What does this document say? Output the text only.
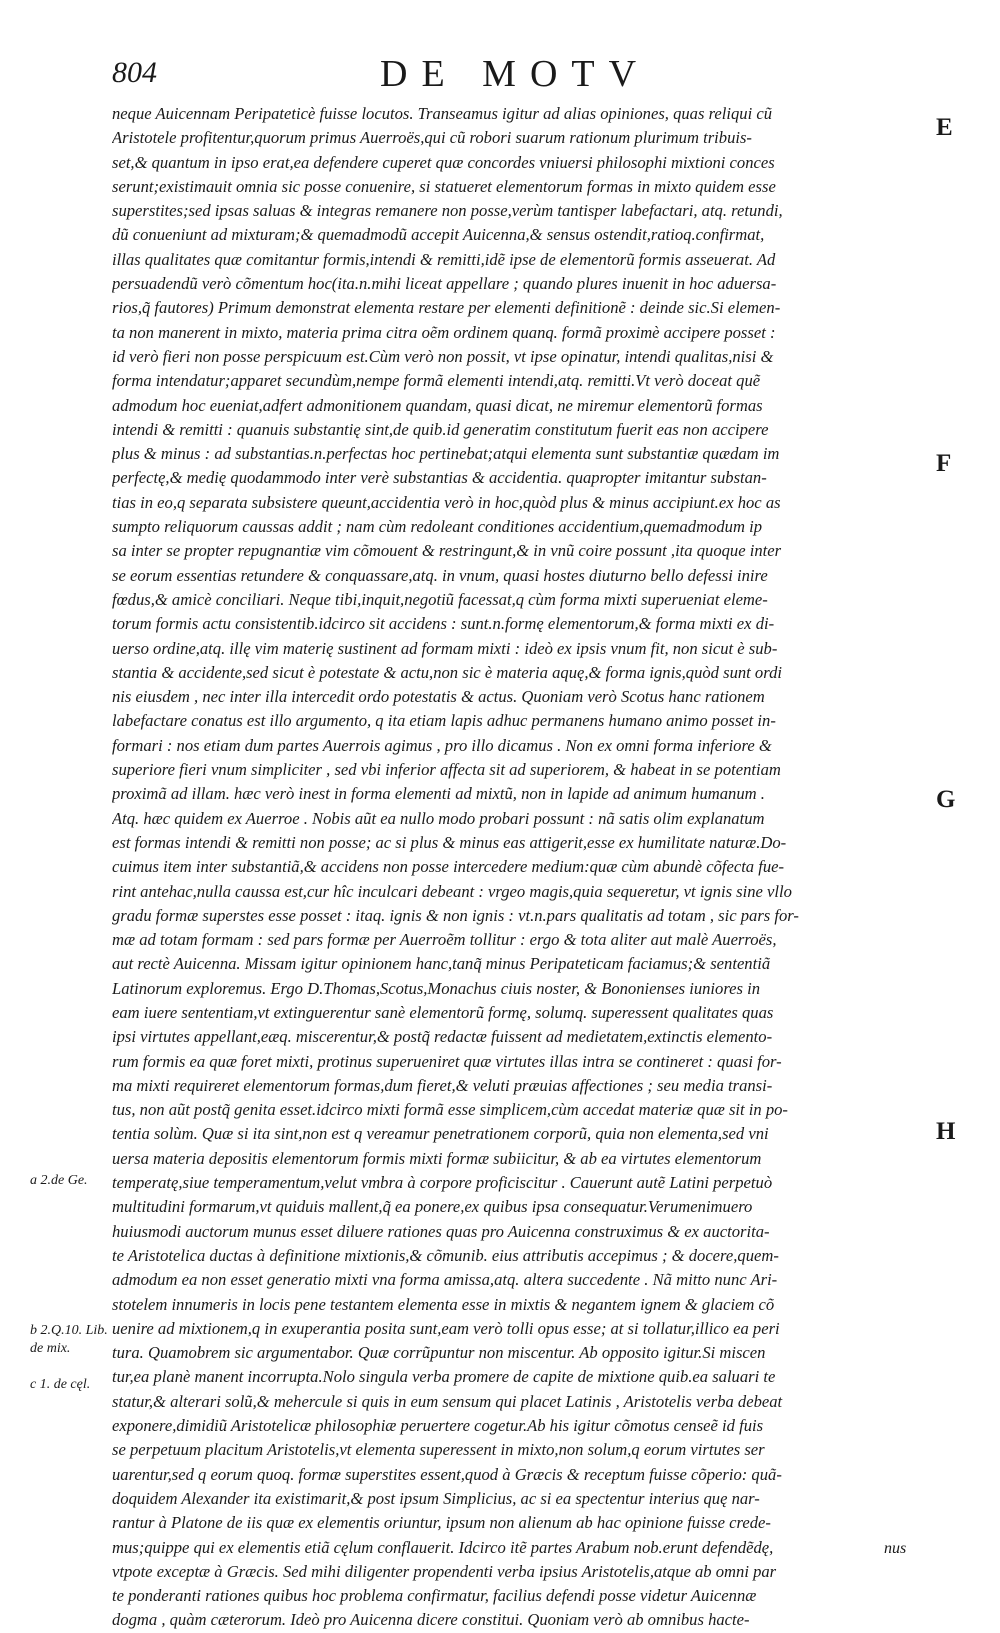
804	DE MOTV
neque Auicennam Peripateticè fuisse locutos. Transeamus igitur ad alias opiniones, quas reliqui cũ
Aristotele profitentur,quorum primus Auerroës,qui cũ robori suarum rationum plurimum tribuis-
set,& quantum in ipso erat,ea defendere cuperet quæ concordes vniuersi philosophi mixtioni conces
serunt;existimauit omnia sic posse conuenire, si statueret elementorum formas in mixto quidem esse
superstites;sed ipsas saluas & integras remanere non posse,verùm tantisper labefactari, atq. retundi,
dũ conueniunt ad mixturam;& quemadmodũ accepit Auicenna,& sensus ostendit,ratioq.confirmat,
illas qualitates quæ comitantur formis,intendi & remitti,idẽ ipse de elementorũ formis asseuerat. Ad
persuadendũ verò cõmentum hoc(ita.n.mihi liceat appellare ; quando plures inuenit in hoc aduersa-
rios,q̃ fautores) Primum demonstrat elementa restare per elementi definitionẽ : deinde sic.Si elemen-
ta non manerent in mixto, materia prima citra oẽm ordinem quanq. formã proximè accipere posset :
id verò fieri non posse perspicuum est.Cùm verò non possit, vt ipse opinatur, intendi qualitas,nisi &
forma intendatur;apparet secundùm,nempe formã elementi intendi,atq. remitti.Vt verò doceat quẽ
admodum hoc eueniat,adfert admonitionem quandam, quasi dicat, ne miremur elementorũ formas
intendi & remitti : quanuis substantię sint,de quib.id generatim constitutum fuerit eas non accipere
plus & minus : ad substantias.n.perfectas hoc pertinebat;atqui elementa sunt substantiæ quædam im
perfectę,& medię quodammodo inter verè substantias & accidentia. quapropter imitantur substan-
tias in eo,q separata subsistere queunt,accidentia verò in hoc,quòd plus & minus accipiunt.ex hoc as
sumpto reliquorum caussas addit ; nam cùm redoleant conditiones accidentium,quemadmodum ip
sa inter se propter repugnantiæ vim cõmouent & restringunt,& in vnũ coire possunt ,ita quoque inter
se eorum essentias retundere & conquassare,atq. in vnum, quasi hostes diuturno bello defessi inire
fœdus,& amicè conciliari. Neque tibi,inquit,negotiũ facessat,q cùm forma mixti superueniat eleme-
torum formis actu consistentib.idcirco sit accidens : sunt.n.formę elementorum,& forma mixti ex di-
uerso ordine,atq. illę vim materię sustinent ad formam mixti : ideò ex ipsis vnum fit, non sicut è sub-
stantia & accidente,sed sicut è potestate & actu,non sic è materia aquę,& forma ignis,quòd sunt ordi
nis eiusdem , nec inter illa intercedit ordo potestatis & actus. Quoniam verò Scotus hanc rationem
labefactare conatus est illo argumento, q ita etiam lapis adhuc permanens humano animo posset in-
formari : nos etiam dum partes Auerrois agimus , pro illo dicamus . Non ex omni forma inferiore &
superiore fieri vnum simpliciter , sed vbi inferior affecta sit ad superiorem, & habeat in se potentiam
proximã ad illam. hæc verò inest in forma elementi ad mixtũ, non in lapide ad animum humanum .
Atq. hæc quidem ex Auerroe . Nobis aũt ea nullo modo probari possunt : nã satis olim explanatum
est formas intendi & remitti non posse; ac si plus & minus eas attigerit,esse ex humilitate naturæ.Do-
cuimus item inter substantiã,& accidens non posse intercedere medium:quæ cùm abundè cõfecta fue-
rint antehac,nulla caussa est,cur hîc inculcari debeant : vrgeo magis,quia sequeretur, vt ignis sine vllo
gradu formæ superstes esse posset : itaq. ignis & non ignis : vt.n.pars qualitatis ad totam , sic pars for-
mæ ad totam formam : sed pars formæ per Auerroẽm tollitur : ergo & tota aliter aut malè Auerroës,
aut rectè Auicenna. Missam igitur opinionem hanc,tanq̃ minus Peripateticam faciamus;& sententiã
Latinorum exploremus. Ergo D.Thomas,Scotus,Monachus ciuis noster, & Bononienses iuniores in
eam iuere sententiam,vt extinguerentur sanè elementorũ formę, solumq. superessent qualitates quas
ipsi virtutes appellant,eæq. miscerentur,& postq̃ redactæ fuissent ad medietatem,extinctis elemento-
rum formis ea quæ foret mixti, protinus superueniret quæ virtutes illas intra se contineret : quasi for-
ma mixti requireret elementorum formas,dum fieret,& veluti præuias affectiones ; seu media transi-
tus, non aũt postq̃ genita esset.idcirco mixti formã esse simplicem,cùm accedat materiæ quæ sit in po-
tentia solùm. Quæ si ita sint,non est q vereamur penetrationem corporũ, quia non elementa,sed vni
uersa materia depositis elementorum formis mixti formæ subiicitur, & ab ea virtutes elementorum
temperatę,siue temperamentum,velut vmbra à corpore proficiscitur . Cauerunt autẽ Latini perpetuò
multitudini formarum,vt quiduis mallent,q̃ ea ponere,ex quibus ipsa consequatur.Verumenimuero
huiusmodi auctorum munus esset diluere rationes quas pro Auicenna construximus & ex auctorita-
te Aristotelica ductas à definitione mixtionis,& cõmunib. eius attributis accepimus ; & docere,quem-
admodum ea non esset generatio mixti vna forma amissa,atq. altera succedente . Nã mitto nunc Ari-
stotelem innumeris in locis pene testantem elementa esse in mixtis & negantem ignem & glaciem cõ
uenire ad mixtionem,q in exuperantia posita sunt,eam verò tolli opus esse; at si tollatur,illico ea peri
tura. Quamobrem sic argumentabor. Quæ corrũpuntur non miscentur. Ab opposito igitur.Si miscen
tur,ea planè manent incorrupta.Nolo singula verba promere de capite de mixtione quib.ea saluari te
statur,& alterari solũ,& mehercule si quis in eum sensum qui placet Latinis , Aristotelis verba debeat
exponere,dimidiũ Aristotelicæ philosophiæ peruertere cogetur.Ab his igitur cõmotus censeẽ id fuis
se perpetuum placitum Aristotelis,vt elementa superessent in mixto,non solum,q eorum virtutes ser
uarentur,sed q eorum quoq. formæ superstites essent,quod à Græcis & receptum fuisse cõperio: quã-
doquidem Alexander ita existimarit,& post ipsum Simplicius, ac si ea spectentur interius quę nar-
rantur à Platone de iis quæ ex elementis oriuntur, ipsum non alienum ab hac opinione fuisse crede-
mus;quippe qui ex elementis etiã cęlum conflauerit. Idcirco itẽ partes Arabum nob.erunt defendẽdę,
vtpote exceptæ à Græcis. Sed mihi diligenter propendenti verba ipsius Aristotelis,atque ab omni par
te ponderanti rationes quibus hoc problema confirmatur, facilius defendi posse videtur Auicennæ
dogma , quàm cæterorum. Ideò pro Auicenna dicere constitui. Quoniam verò ab omnibus hacte-
E
F
G
H
a 2.de Ge.
b 2.Q.10. Lib. de mix.
c 1. de cęl.
nus
